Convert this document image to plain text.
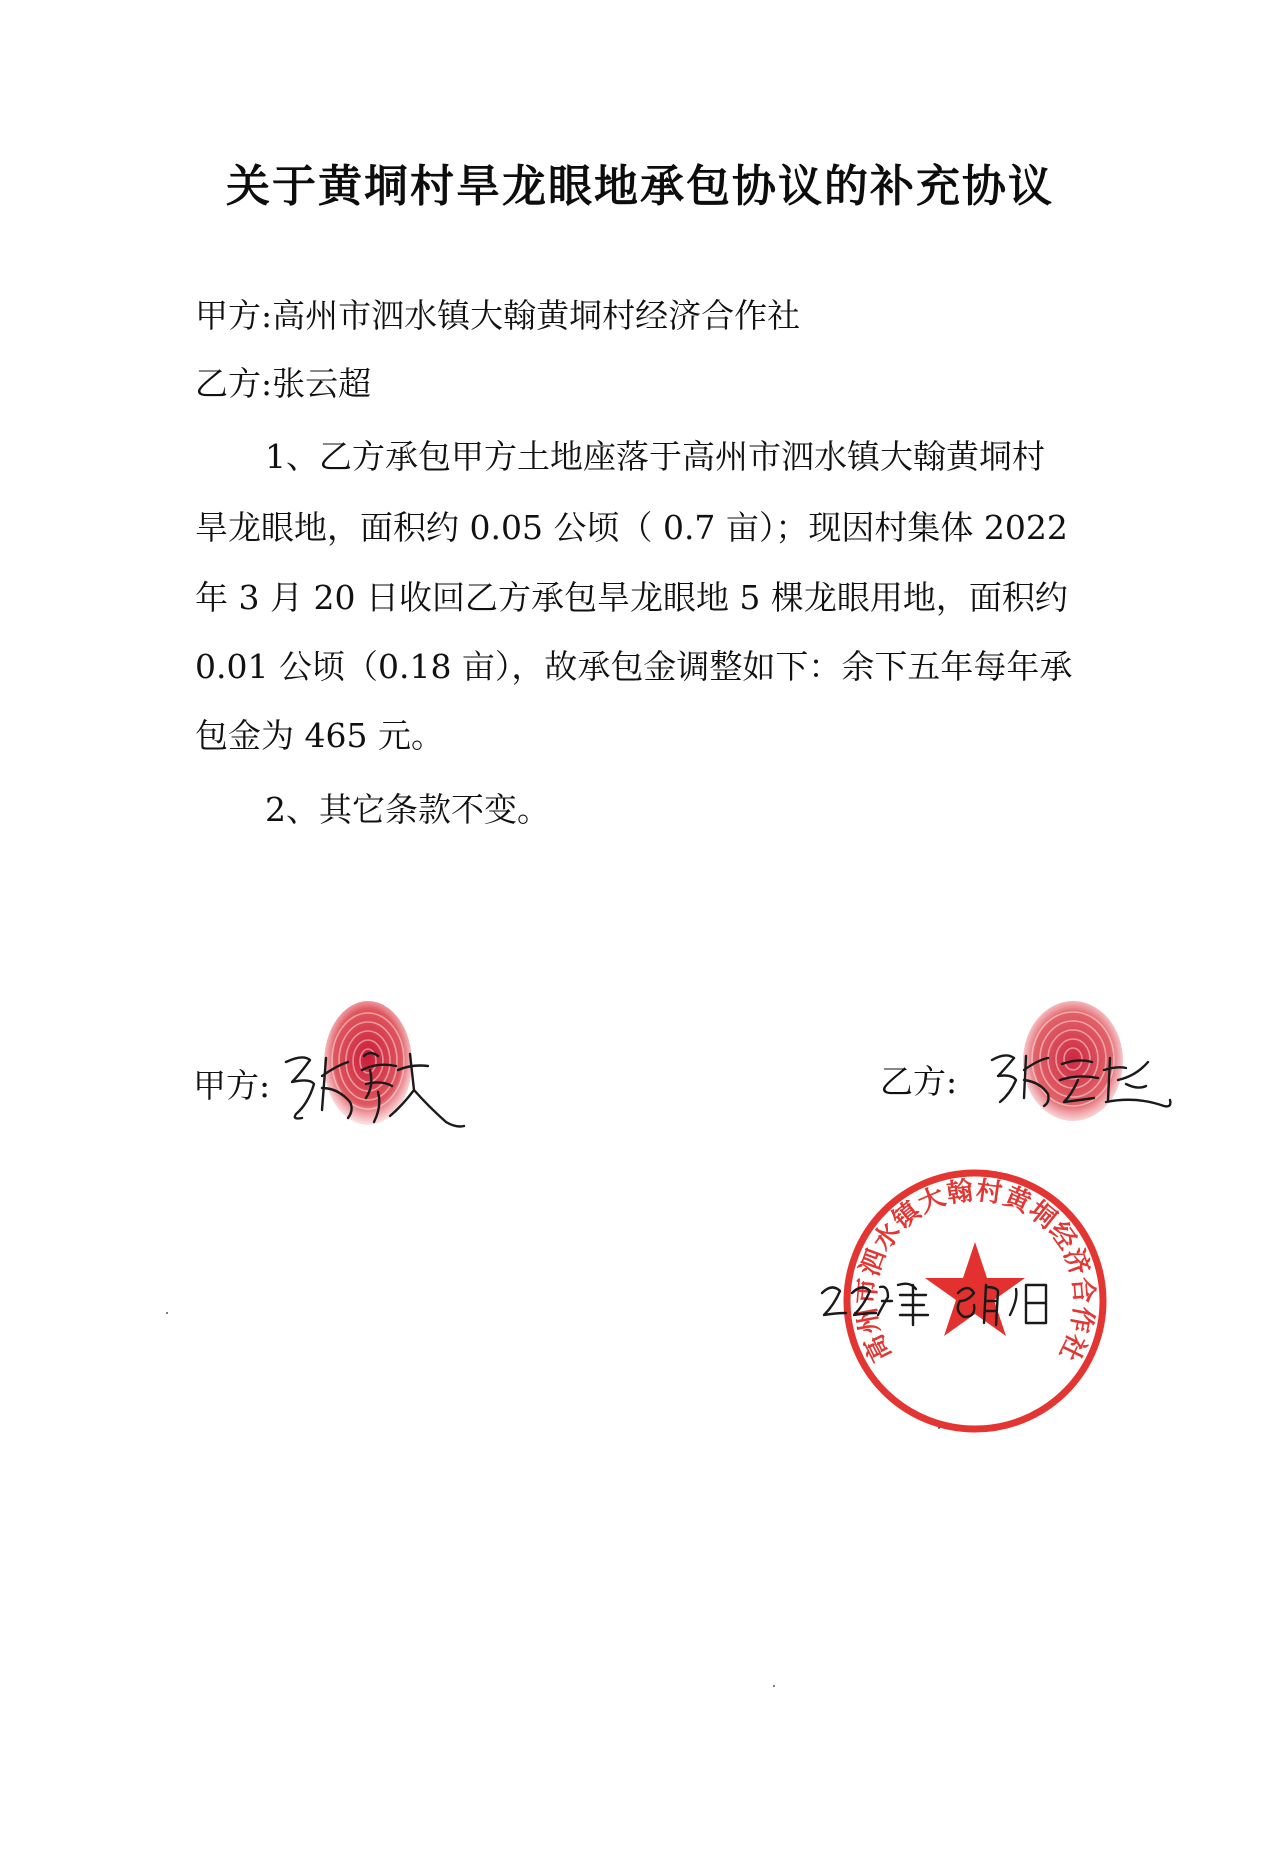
关于黄垌村旱龙眼地承包协议的补充协议

甲方:高州市泗水镇大翰黄垌村经济合作社

乙方:张云超

1、乙方承包甲方土地座落于高州市泗水镇大翰黄垌村

旱龙眼地，面积约 0.05 公顷（ 0.7 亩）；现因村集体 2022

年 3 月 20 日收回乙方承包旱龙眼地 5 棵龙眼用地，面积约

0.01 公顷（0.18 亩），故承包金调整如下：余下五年每年承

包金为 465 元。

2、其它条款不变。

甲方:	乙方:
高州市泗水镇大翰村黄垌经济合作社
